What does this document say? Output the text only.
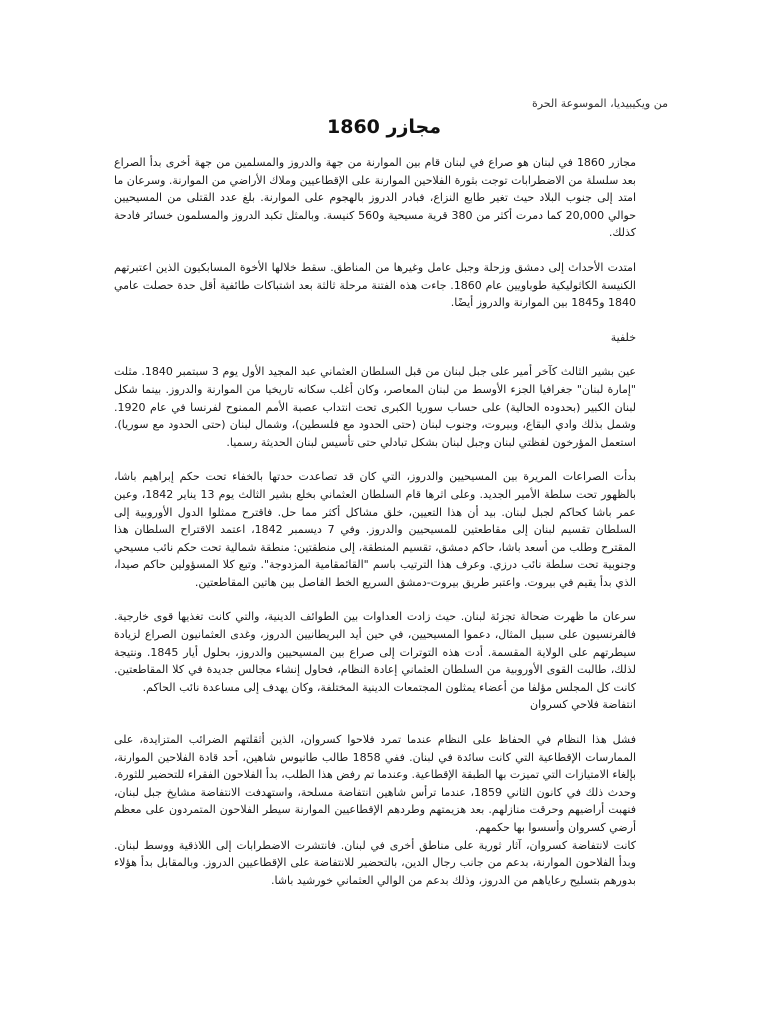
من ويكيبيديا، الموسوعة الحرة
مجازر 1860

مجازر 1860 في لبنان هو صراع في لبنان قام بين الموارنة من جهة والدروز والمسلمين من جهة أخرى بدأ الصراع بعد سلسلة من الاضطرابات توجت بثورة الفلاحين الموارنة على الإقطاعيين وملاك الأراضي من الموارنة. وسرعان ما امتد إلى جنوب البلاد حيث تغير طابع النزاع، فبادر الدروز بالهجوم على الموارنة. بلغ عدد القتلى من المسيحيين حوالي 20,000 كما دمرت أكثر من 380 قرية مسيحية و560 كنيسة. وبالمثل تكبد الدروز والمسلمون خسائر فادحة كذلك.

امتدت الأحداث إلى دمشق وزحلة وجبل عامل وغيرها من المناطق. سقط خلالها الأخوة المسابكيون الذين اعتبرتهم الكنيسة الكاثوليكية طوباويين عام 1860. جاءت هذه الفتنة مرحلة ثالثة بعد اشتباكات طائفية أقل حدة حصلت عامي 1840 و1845 بين الموارنة والدروز أيضًا.

خلفية

عين بشير الثالث كآخر أمير على جبل لبنان من قبل السلطان العثماني عبد المجيد الأول يوم 3 سبتمبر 1840. مثلت "إمارة لبنان" جغرافيا الجزء الأوسط من لبنان المعاصر، وكان أغلب سكانه تاريخيا من الموارنة والدروز. بينما شكل لبنان الكبير (بحدوده الحالية) على حساب سوريا الكبرى تحت انتداب عصبة الأمم الممنوح لفرنسا في عام 1920. وشمل بذلك وادي البقاع، وبيروت، وجنوب لبنان (حتى الحدود مع فلسطين)، وشمال لبنان (حتى الحدود مع سوريا). استعمل المؤرخون لفظتي لبنان وجبل لبنان بشكل تبادلي حتى تأسيس لبنان الحديثة رسميا.

بدأت الصراعات المريرة بين المسيحيين والدروز، التي كان قد تصاعدت حدتها بالخفاء تحت حكم إبراهيم باشا، بالظهور تحت سلطة الأمير الجديد. وعلى اثرها قام السلطان العثماني بخلع بشير الثالث يوم 13 يناير 1842، وعين عمر باشا كحاكم لجبل لبنان. بيد أن هذا التعيين، خلق مشاكل أكثر مما حل. فاقترح ممثلوا الدول الأوروبية إلى السلطان تقسيم لبنان إلى مقاطعتين للمسيحيين والدروز. وفي 7 ديسمبر 1842، اعتمد الاقتراح السلطان هذا المقترح وطلب من أسعد باشا، حاكم دمشق، تقسيم المنطقة، إلى منطقتين: منطقة شمالية تحت حكم نائب مسيحي وجنوبية تحت سلطة نائب درزي. وعرف هذا الترتيب باسم "القائمقامية المزدوجة". وتبع كلا المسؤولين حاكم صيدا، الذي بدأ يقيم في بيروت. واعتبر طريق بيروت-دمشق السريع الخط الفاصل بين هاتين المقاطعتين.

سرعان ما ظهرت ضحالة تجزئة لبنان. حيث زادت العداوات بين الطوائف الدينية، والتي كانت تغذيها قوى خارجية. فالفرنسيون على سبيل المثال، دعموا المسيحيين، في حين أيد البريطانيين الدروز، وغدى العثمانيون الصراع لزيادة سيطرتهم على الولاية المقسمة. أدت هذه التوترات إلى صراع بين المسيحيين والدروز، بحلول أيار 1845. ونتيجة لذلك، طالبت القوى الأوروبية من السلطان العثماني إعادة النظام، فحاول إنشاء مجالس جديدة في كلا المقاطعتين. كانت كل المجلس مؤلفا من أعضاء يمثلون المجتمعات الدينية المختلفة، وكان يهدف إلى مساعدة نائب الحاكم.

انتفاضة فلاحي كسروان

فشل هذا النظام في الحفاظ على النظام عندما تمرد فلاحوا كسروان، الذين أثقلتهم الضرائب المتزايدة، على الممارسات الإقطاعية التي كانت سائدة في لبنان. ففي 1858 طالب طانيوس شاهين، أحد قادة الفلاحين الموارنة، بإلغاء الامتيازات التي تميزت بها الطبقة الإقطاعية. وعندما تم رفض هذا الطلب، بدأ الفلاحون الفقراء للتحضير للثورة. وحدث ذلك في كانون الثاني 1859، عندما ترأس شاهين انتفاضة مسلحة، واستهدفت الانتفاضة مشايخ جبل لبنان، فنهبت أراضيهم وحرقت منازلهم. بعد هزيمتهم وطردهم الإقطاعيين الموارنة سيطر الفلاحون المتمردون على معظم أرضي كسروان وأسسوا بها حكمهم.

كانت لانتفاضة كسروان، آثار ثورية على مناطق أخرى في لبنان. فانتشرت الاضطرابات إلى اللاذقية ووسط لبنان. وبدأ الفلاحون الموارنة، بدعم من جانب رجال الدين، بالتحضير للانتفاضة على الإقطاعيين الدروز. وبالمقابل بدأ هؤلاء بدورهم بتسليح رعاياهم من الدروز، وذلك بدعم من الوالي العثماني خورشيد باشا.
